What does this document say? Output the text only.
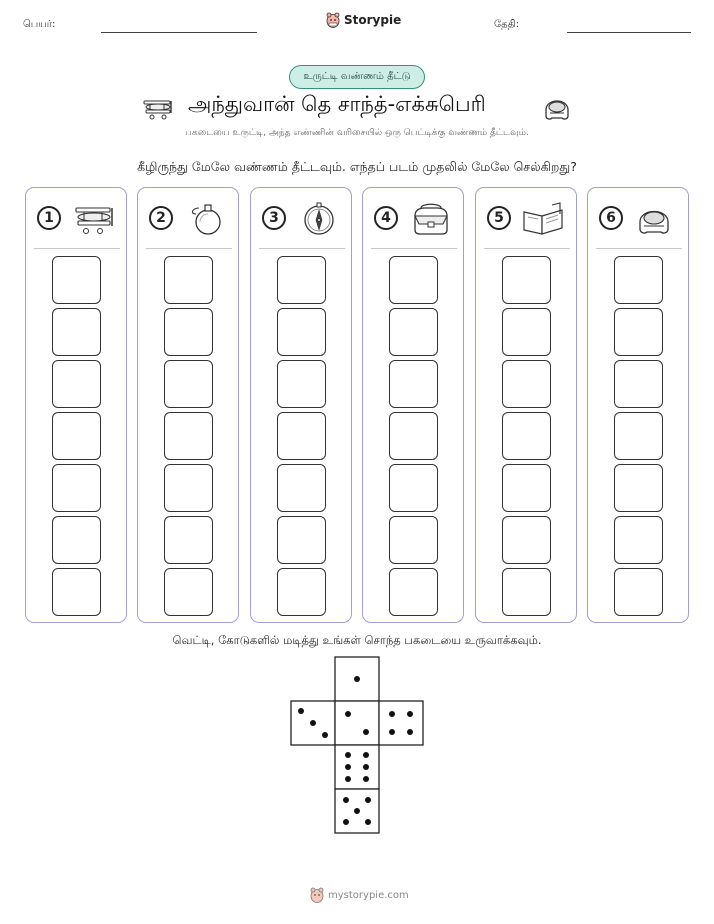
பெயர்:	Storypie	தேதி:
உருட்டி வண்ணம் தீட்டு
அந்துவான் தெ சாந்த்-எக்சுபெரி
பகடையை உருட்டி, அந்த எண்ணின் வரிசையில் ஒரு பெட்டிக்கு வண்ணம் தீட்டவும்.
கீழிருந்து மேலே வண்ணம் தீட்டவும். எந்தப் படம் முதலில் மேலே செல்கிறது?
1	2	3	4	5	6
வெட்டி, கோடுகளில் மடித்து உங்கள் சொந்த பகடையை உருவாக்கவும்.
mystorypie.com
